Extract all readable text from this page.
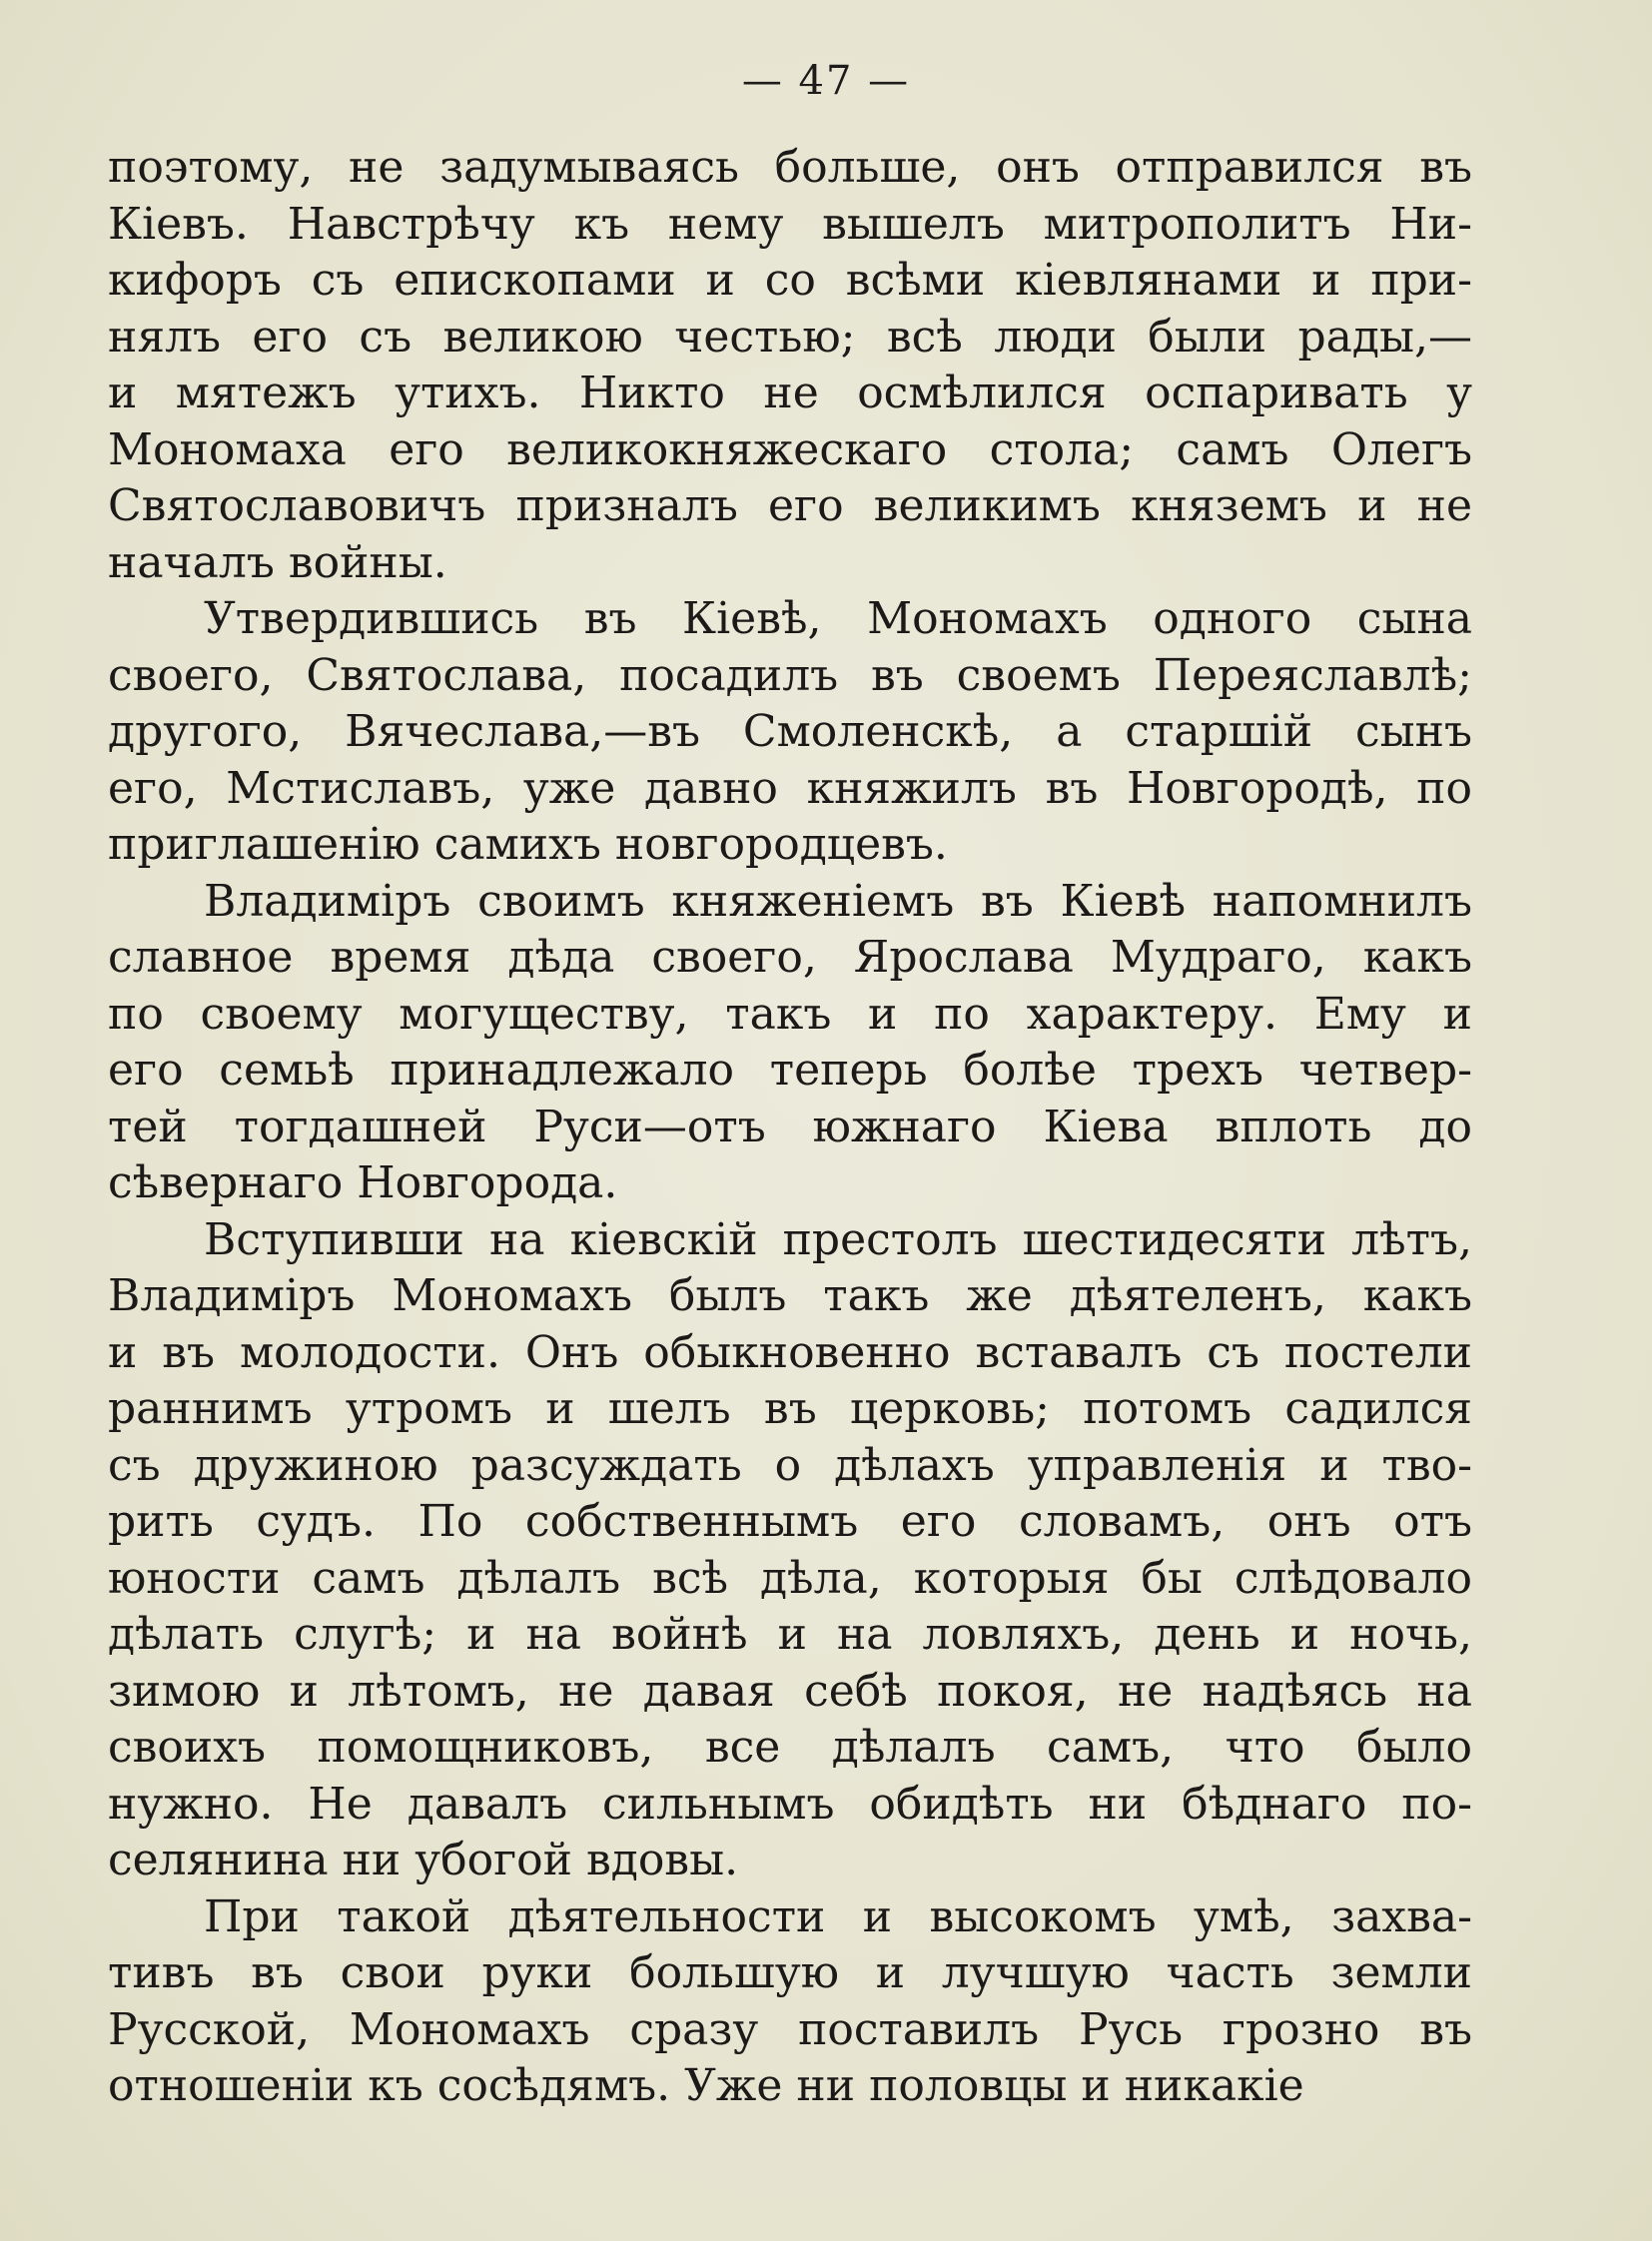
— 47 —
поэтому, не задумываясь больше, онъ отправился въ
Кіевъ. Навстрѣчу къ нему вышелъ митрополитъ Ни-
кифоръ съ епископами и со всѣми кіевлянами и при-
нялъ его съ великою честью; всѣ люди были рады,—
и мятежъ утихъ. Никто не осмѣлился оспаривать у
Мономаха его великокняжескаго стола; самъ Олегъ
Святославовичъ призналъ его великимъ княземъ и не
началъ войны.
Утвердившись въ Кіевѣ, Мономахъ одного сына
своего, Святослава, посадилъ въ своемъ Переяславлѣ;
другого, Вячеслава,—въ Смоленскѣ, а старшій сынъ
его, Мстиславъ, уже давно княжилъ въ Новгородѣ, по
приглашенію самихъ новгородцевъ.
Владиміръ своимъ княженіемъ въ Кіевѣ напомнилъ
славное время дѣда своего, Ярослава Мудраго, какъ
по своему могуществу, такъ и по характеру. Ему и
его семьѣ принадлежало теперь болѣе трехъ четвер-
тей тогдашней Руси—отъ южнаго Кіева вплоть до
сѣвернаго Новгорода.
Вступивши на кіевскій престолъ шестидесяти лѣтъ,
Владиміръ Мономахъ былъ такъ же дѣятеленъ, какъ
и въ молодости. Онъ обыкновенно вставалъ съ постели
раннимъ утромъ и шелъ въ церковь; потомъ садился
съ дружиною разсуждать о дѣлахъ управленія и тво-
рить судъ. По собственнымъ его словамъ, онъ отъ
юности самъ дѣлалъ всѣ дѣла, которыя бы слѣдовало
дѣлать слугѣ; и на войнѣ и на ловляхъ, день и ночь,
зимою и лѣтомъ, не давая себѣ покоя, не надѣясь на
своихъ помощниковъ, все дѣлалъ самъ, что было
нужно. Не давалъ сильнымъ обидѣть ни бѣднаго по-
селянина ни убогой вдовы.
При такой дѣятельности и высокомъ умѣ, захва-
тивъ въ свои руки большую и лучшую часть земли
Русской, Мономахъ сразу поставилъ Русь грозно въ
отношеніи къ сосѣдямъ. Уже ни половцы и никакіе
